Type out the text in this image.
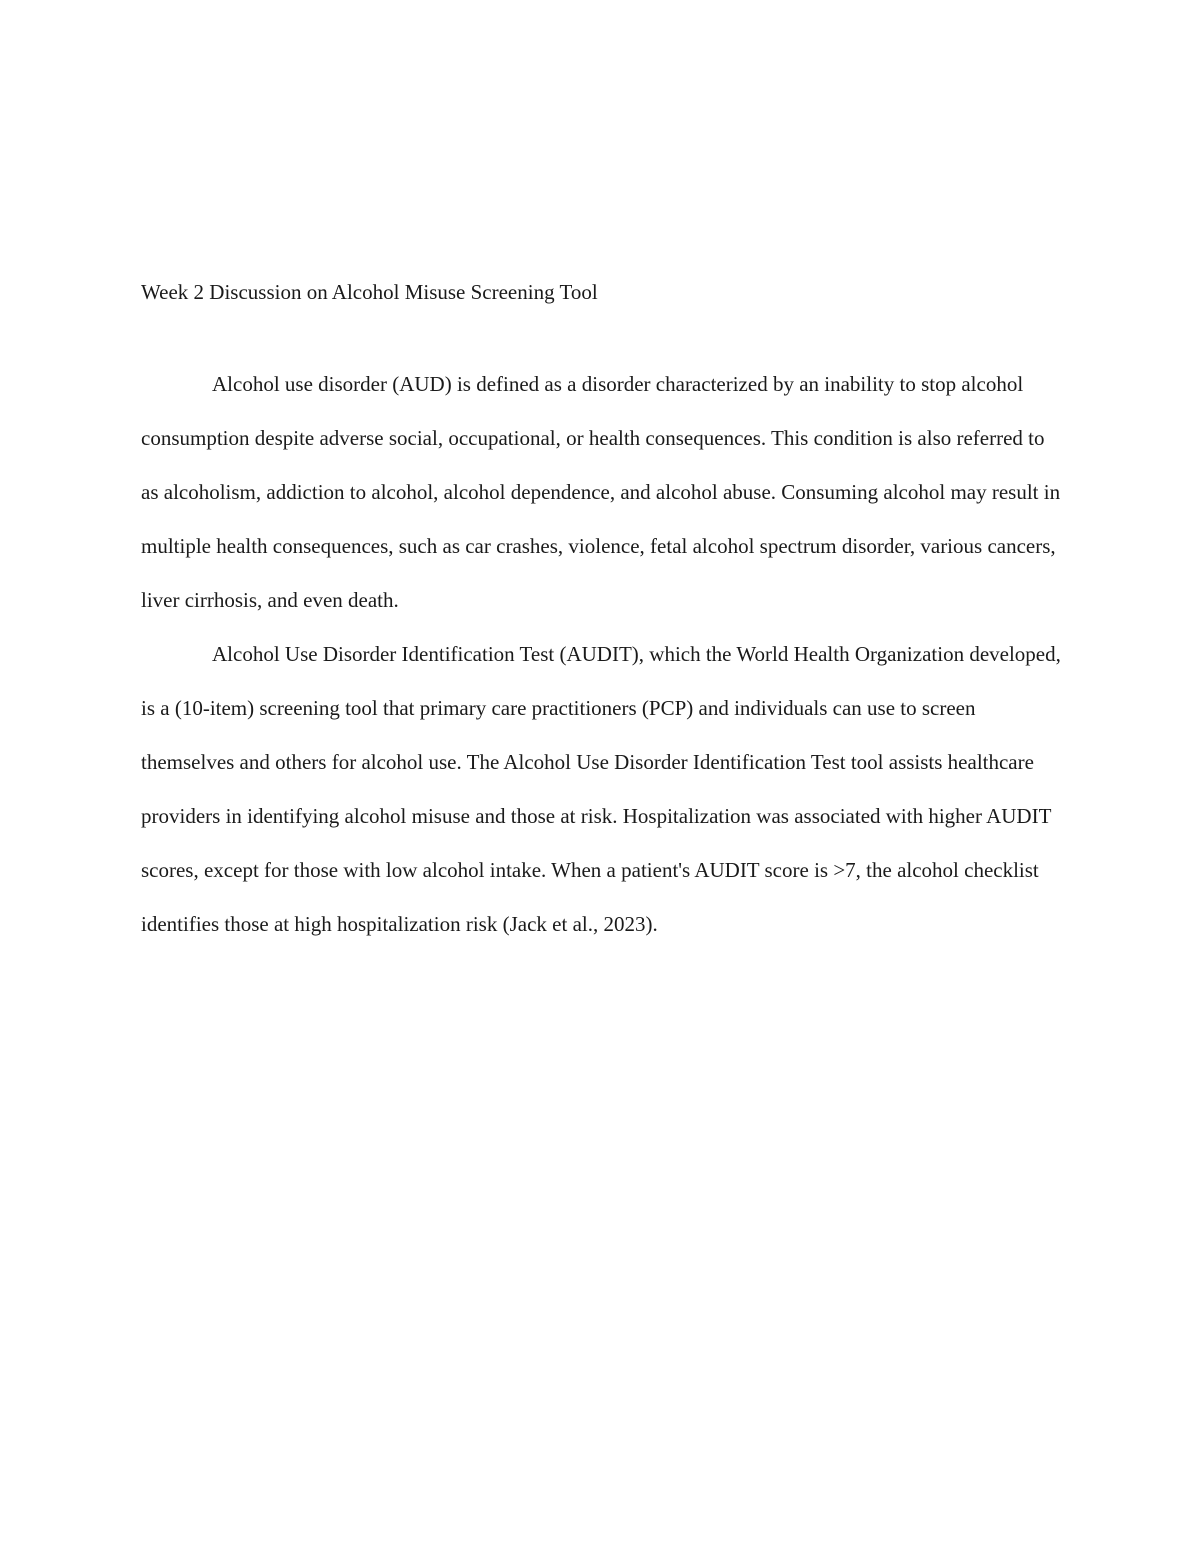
Week 2 Discussion on Alcohol Misuse Screening Tool

Alcohol use disorder (AUD) is defined as a disorder characterized by an inability to stop alcohol consumption despite adverse social, occupational, or health consequences. This condition is also referred to as alcoholism, addiction to alcohol, alcohol dependence, and alcohol abuse. Consuming alcohol may result in multiple health consequences, such as car crashes, violence, fetal alcohol spectrum disorder, various cancers, liver cirrhosis, and even death.

Alcohol Use Disorder Identification Test (AUDIT), which the World Health Organization developed, is a (10-item) screening tool that primary care practitioners (PCP) and individuals can use to screen themselves and others for alcohol use. The Alcohol Use Disorder Identification Test tool assists healthcare providers in identifying alcohol misuse and those at risk. Hospitalization was associated with higher AUDIT scores, except for those with low alcohol intake. When a patient's AUDIT score is >7, the alcohol checklist identifies those at high hospitalization risk (Jack et al., 2023).
